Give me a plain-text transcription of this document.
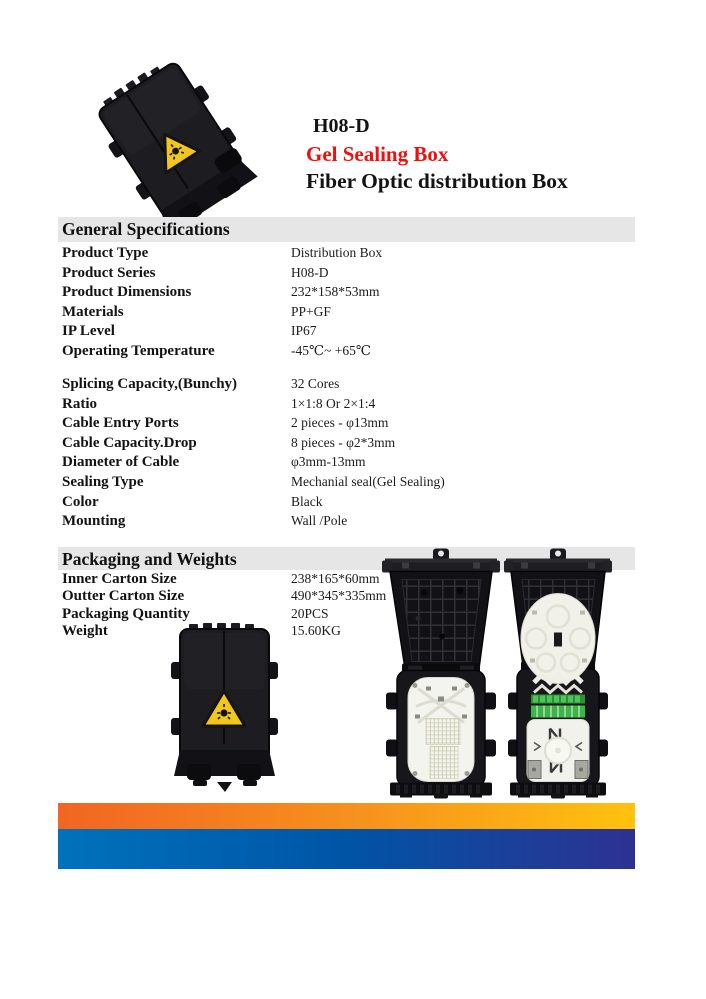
H08-D
Gel Sealing Box
Fiber Optic distribution Box
General Specifications
Product Type	Distribution Box
Product Series	H08-D
Product Dimensions	232*158*53mm
Materials	PP+GF
IP Level	IP67
Operating Temperature	-45℃~ +65℃
Splicing Capacity,(Bunchy)	32 Cores
Ratio	1×1:8 Or 2×1:4
Cable Entry Ports	2 pieces - φ13mm
Cable Capacity.Drop	8 pieces - φ2*3mm
Diameter of Cable	φ3mm-13mm
Sealing Type	Mechanial seal(Gel Sealing)
Color	Black
Mounting	Wall /Pole
Packaging and Weights
Inner Carton Size	238*165*60mm
Outter Carton Size	490*345*335mm
Packaging Quantity	20PCS
Weight	15.60KG
